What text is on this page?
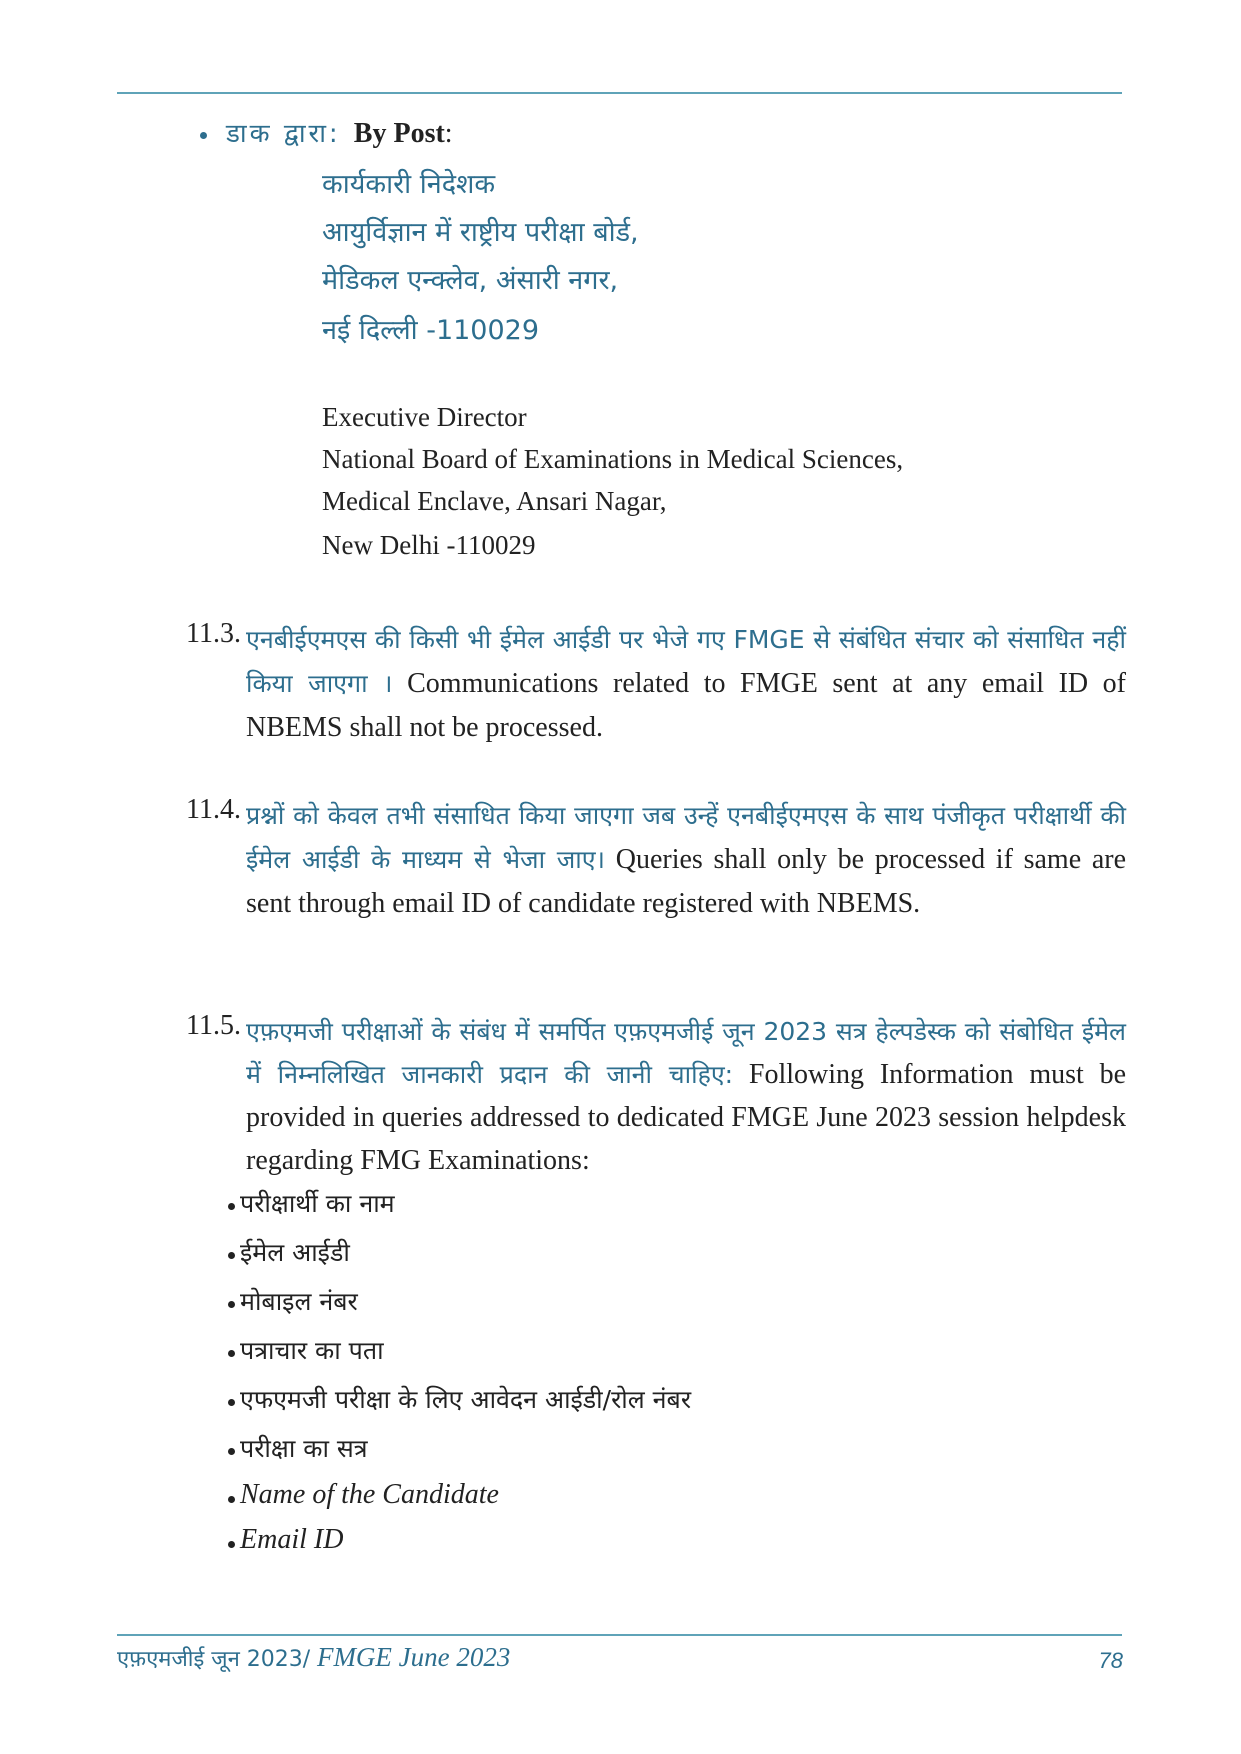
डाक द्वारा: By Post:
कार्यकारी निदेशक
आयुर्विज्ञान में राष्ट्रीय परीक्षा बोर्ड,
मेडिकल एन्क्लेव, अंसारी नगर,
नई दिल्ली -110029
Executive Director
National Board of Examinations in Medical Sciences,
Medical Enclave, Ansari Nagar,
New Delhi -110029
11.3. एनबीईएमएस की किसी भी ईमेल आईडी पर भेजे गए FMGE से संबंधित संचार को संसाधित नहीं किया जाएगा । Communications related to FMGE sent at any email ID of NBEMS shall not be processed.
11.4. प्रश्नों को केवल तभी संसाधित किया जाएगा जब उन्हें एनबीईएमएस के साथ पंजीकृत परीक्षार्थी की ईमेल आईडी के माध्यम से भेजा जाए। Queries shall only be processed if same are sent through email ID of candidate registered with NBEMS.
11.5. एफ़एमजी परीक्षाओं के संबंध में समर्पित एफ़एमजीई जून 2023 सत्र हेल्पडेस्क को संबोधित ईमेल में निम्नलिखित जानकारी प्रदान की जानी चाहिए: Following Information must be provided in queries addressed to dedicated FMGE June 2023 session helpdesk regarding FMG Examinations:
परीक्षार्थी का नाम
ईमेल आईडी
मोबाइल नंबर
पत्राचार का पता
एफएमजी परीक्षा के लिए आवेदन आईडी/रोल नंबर
परीक्षा का सत्र
Name of the Candidate
Email ID
एफ़एमजीई जून 2023/ FMGE June 2023	78
